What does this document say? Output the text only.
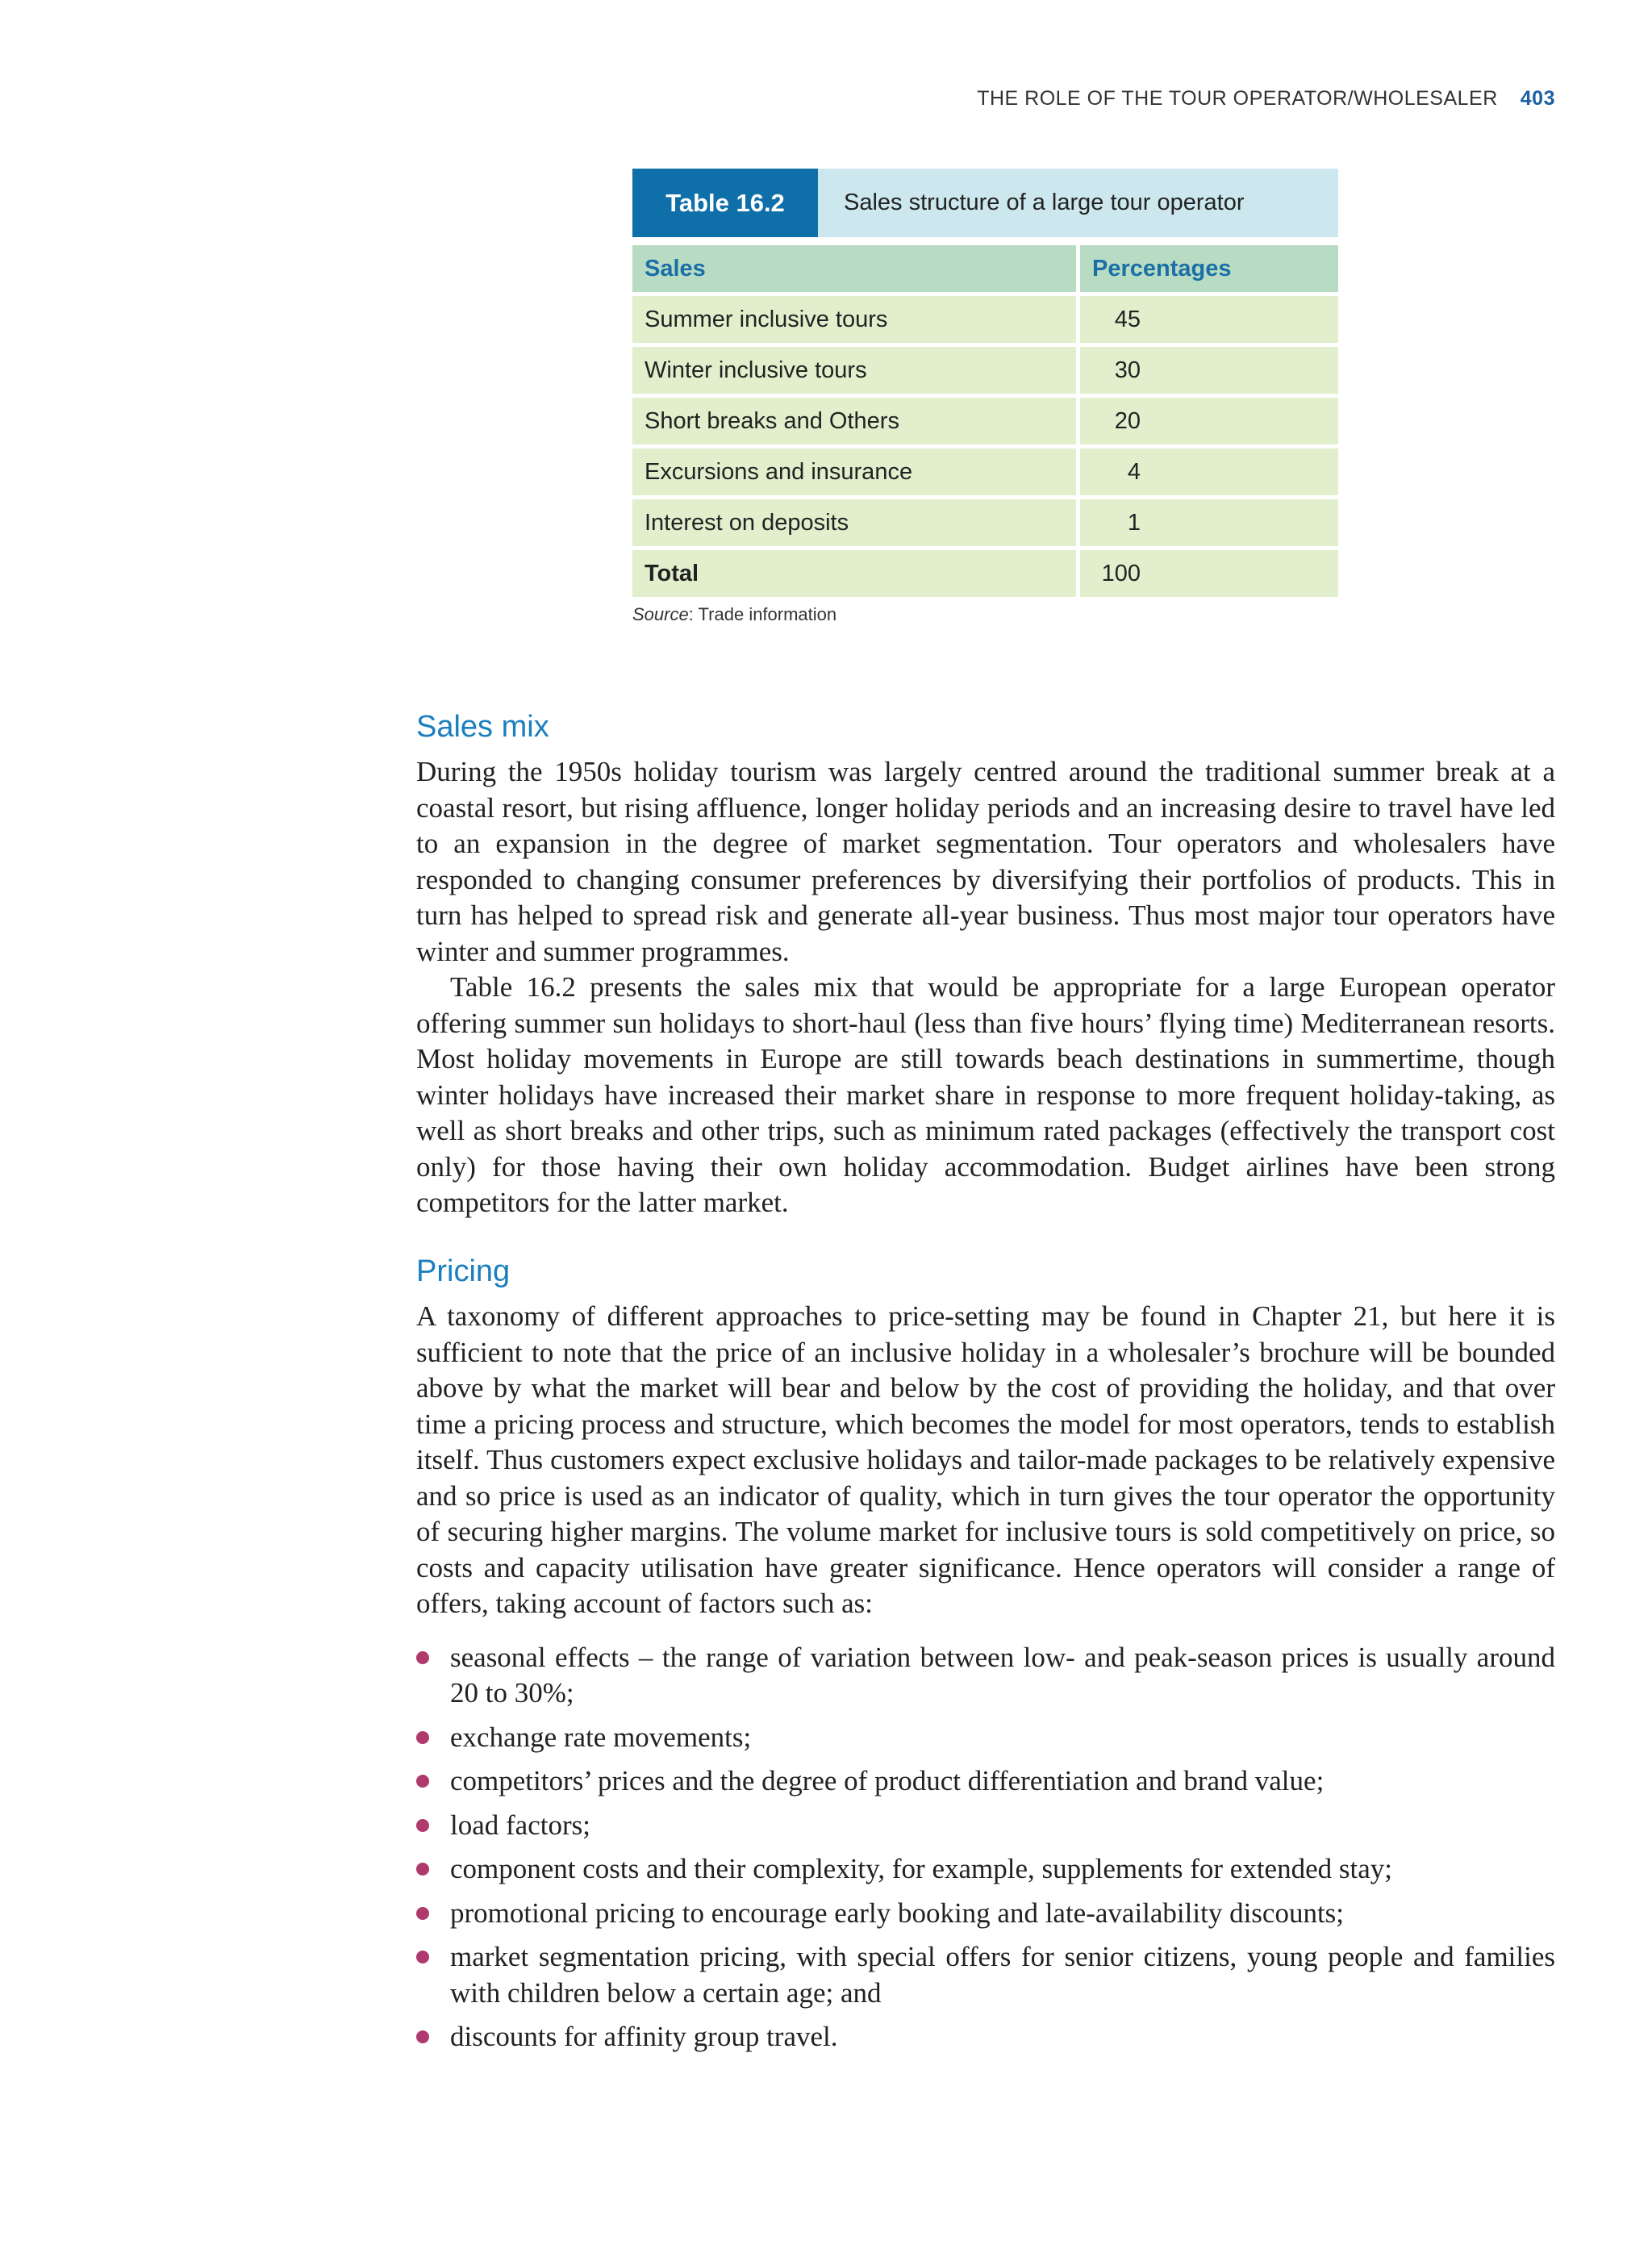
THE ROLE OF THE TOUR OPERATOR/WHOLESALER 403
Table 16.2	Sales structure of a large tour operator
Sales	Percentages
Summer inclusive tours	45
Winter inclusive tours	30
Short breaks and Others	20
Excursions and insurance	4
Interest on deposits	1
Total	100
Source: Trade information
Sales mix

During the 1950s holiday tourism was largely centred around the traditional summer break at a coastal resort, but rising affluence, longer holiday periods and an increasing desire to travel have led to an expansion in the degree of market segmentation. Tour operators and wholesalers have responded to changing consumer preferences by diversifying their portfolios of products. This in turn has helped to spread risk and generate all-year business. Thus most major tour operators have winter and summer programmes.

Table 16.2 presents the sales mix that would be appropriate for a large European operator offering summer sun holidays to short-haul (less than five hours’ flying time) Mediterranean resorts. Most holiday movements in Europe are still towards beach destinations in summertime, though winter holidays have increased their market share in response to more frequent holiday-taking, as well as short breaks and other trips, such as minimum rated packages (effectively the transport cost only) for those having their own holiday accommodation. Budget airlines have been strong competitors for the latter market.

Pricing

A taxonomy of different approaches to price-setting may be found in Chapter 21, but here it is sufficient to note that the price of an inclusive holiday in a wholesaler’s brochure will be bounded above by what the market will bear and below by the cost of providing the holiday, and that over time a pricing process and structure, which becomes the model for most operators, tends to establish itself. Thus customers expect exclusive holidays and tailor-made packages to be relatively expensive and so price is used as an indicator of quality, which in turn gives the tour operator the opportunity of securing higher margins. The volume market for inclusive tours is sold competitively on price, so costs and capacity utilisation have greater significance. Hence operators will consider a range of offers, taking account of factors such as:

seasonal effects – the range of variation between low- and peak-season prices is usually around 20 to 30%;
exchange rate movements;
competitors’ prices and the degree of product differentiation and brand value;
load factors;
component costs and their complexity, for example, supplements for extended stay;
promotional pricing to encourage early booking and late-availability discounts;
market segmentation pricing, with special offers for senior citizens, young people and families with children below a certain age; and
discounts for affinity group travel.
